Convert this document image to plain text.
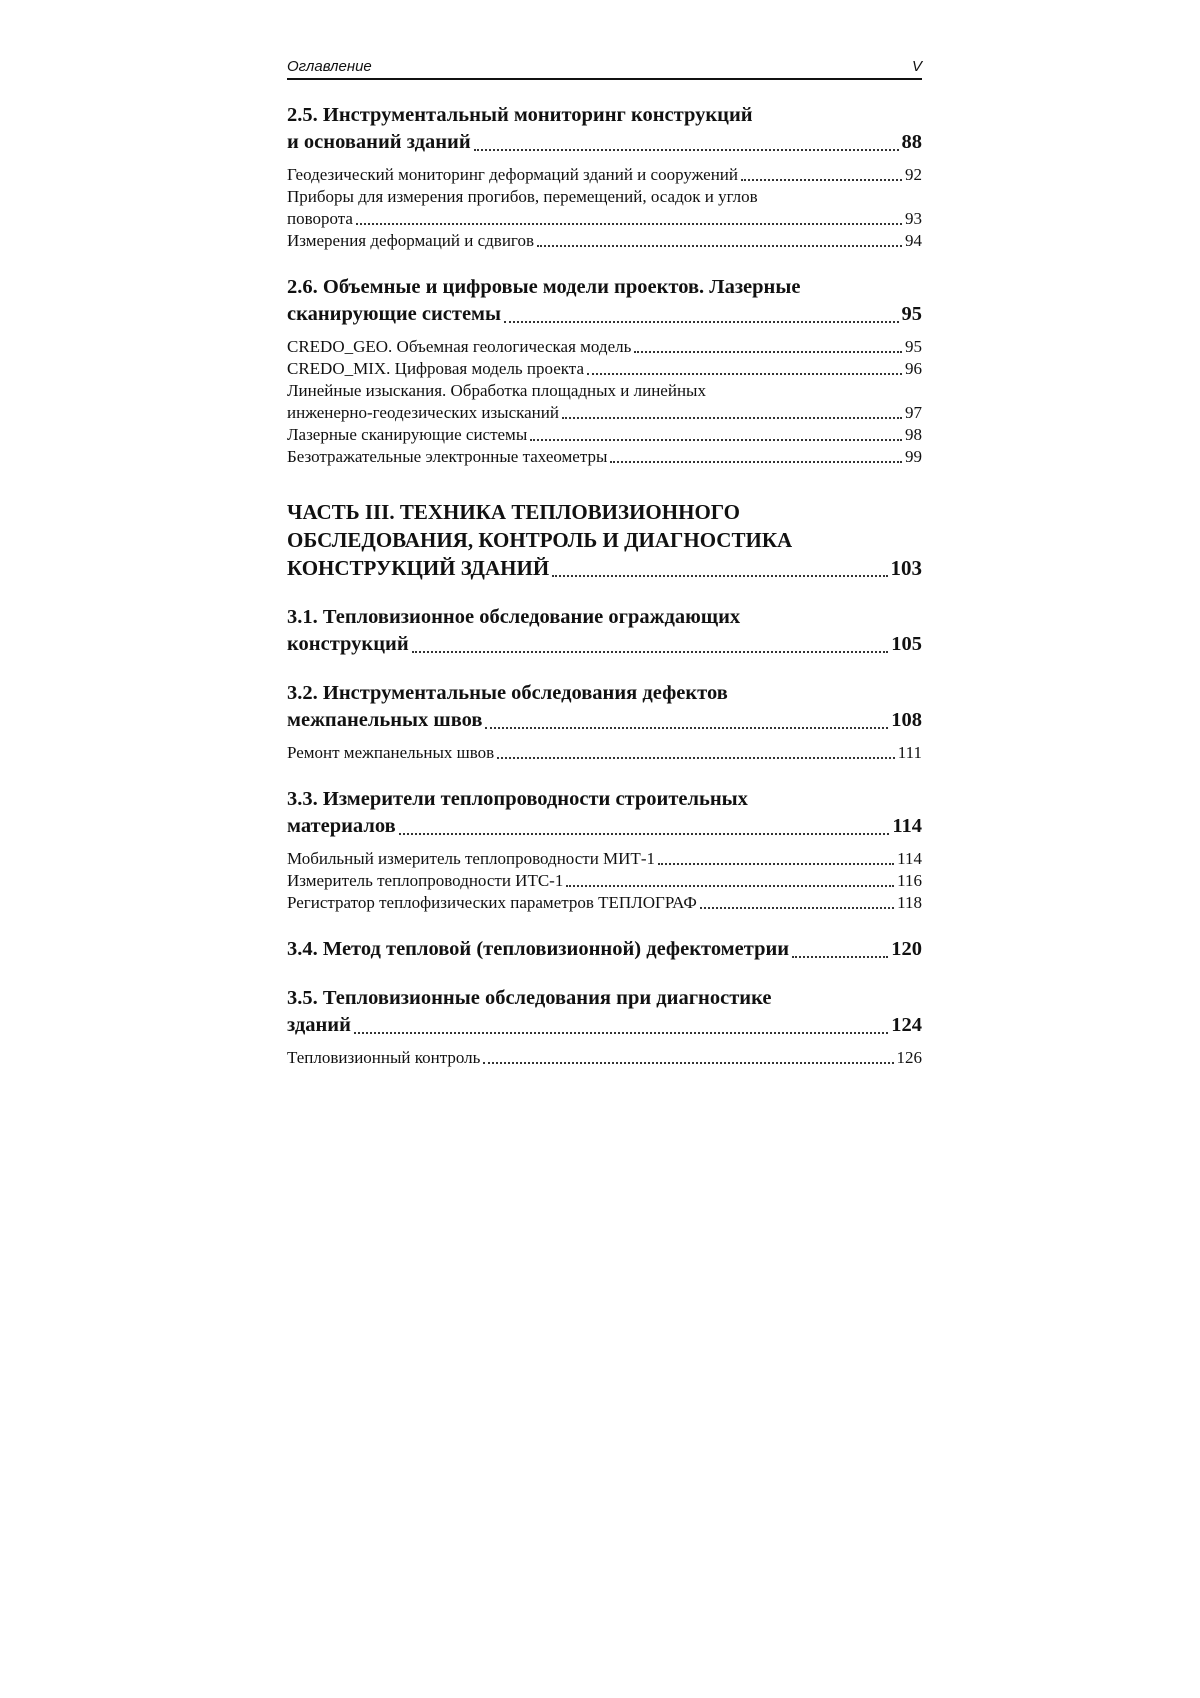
Оглавление	V
2.5. Инструментальный мониторинг конструкций
и оснований зданий	88
Геодезический мониторинг деформаций зданий и сооружений	92
Приборы для измерения прогибов, перемещений, осадок и углов
поворота	93
Измерения деформаций и сдвигов	94
2.6. Объемные и цифровые модели проектов. Лазерные
сканирующие системы	95
CREDO_GEO. Объемная геологическая модель	95
CREDO_MIX. Цифровая модель проекта	96
Линейные изыскания. Обработка площадных и линейных
инженерно-геодезических изысканий	97
Лазерные сканирующие системы	98
Безотражательные электронные тахеометры	99
ЧАСТЬ III. ТЕХНИКА ТЕПЛОВИЗИОННОГО
ОБСЛЕДОВАНИЯ, КОНТРОЛЬ И ДИАГНОСТИКА
КОНСТРУКЦИЙ ЗДАНИЙ	103
3.1. Тепловизионное обследование ограждающих
конструкций	105
3.2. Инструментальные обследования дефектов
межпанельных швов	108
Ремонт межпанельных швов	111
3.3. Измерители теплопроводности строительных
материалов	114
Мобильный измеритель теплопроводности МИТ-1	114
Измеритель теплопроводности ИТС-1	116
Регистратор теплофизических параметров ТЕПЛОГРАФ	118
3.4. Метод тепловой (тепловизионной) дефектометрии	120
3.5. Тепловизионные обследования при диагностике
зданий	124
Тепловизионный контроль	126
